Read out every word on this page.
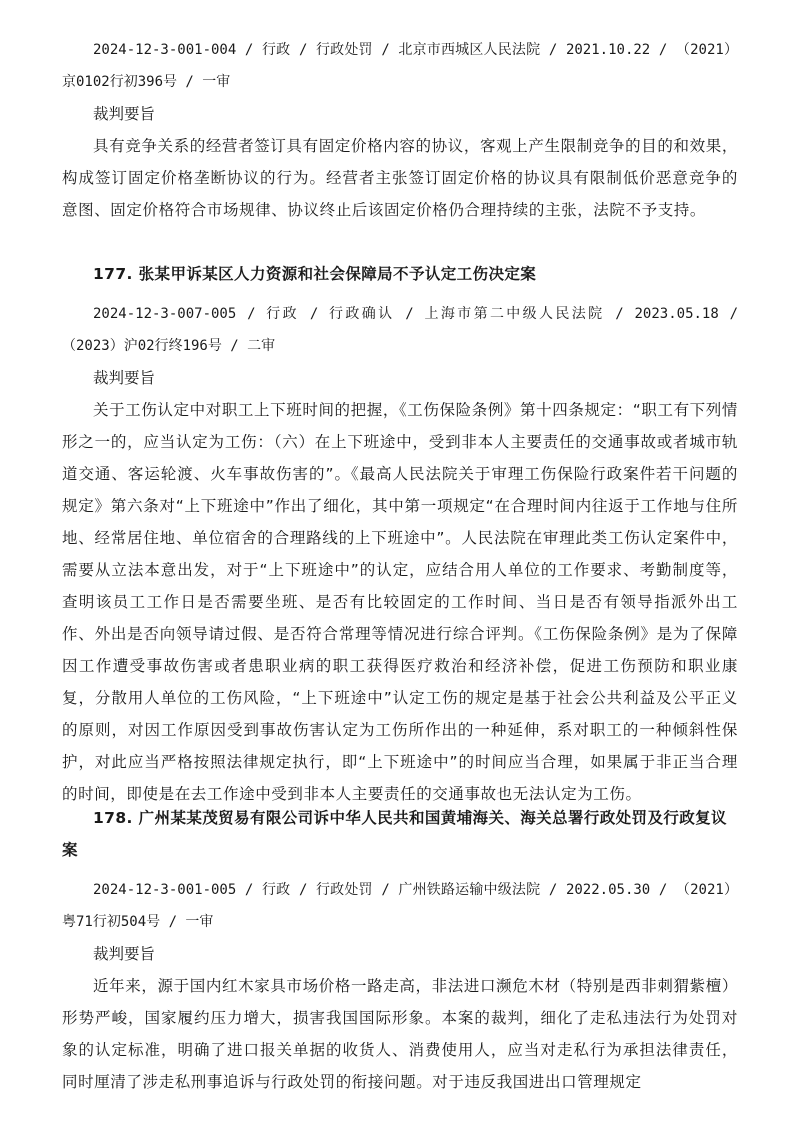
2024-12-3-001-004 / 行政 / 行政处罚 / 北京市西城区人民法院 / 2021.10.22 / （2021）京0102行初396号 / 一审

裁判要旨

具有竞争关系的经营者签订具有固定价格内容的协议，客观上产生限制竞争的目的和效果，构成签订固定价格垄断协议的行为。经营者主张签订固定价格的协议具有限制低价恶意竞争的意图、固定价格符合市场规律、协议终止后该固定价格仍合理持续的主张，法院不予支持。

177. 张某甲诉某区人力资源和社会保障局不予认定工伤决定案

2024-12-3-007-005 / 行政 / 行政确认 / 上海市第二中级人民法院 / 2023.05.18 / （2023）沪02行终196号 / 二审

裁判要旨

关于工伤认定中对职工上下班时间的把握，《工伤保险条例》第十四条规定：“职工有下列情形之一的，应当认定为工伤：（六）在上下班途中，受到非本人主要责任的交通事故或者城市轨道交通、客运轮渡、火车事故伤害的”。《最高人民法院关于审理工伤保险行政案件若干问题的规定》第六条对“上下班途中”作出了细化，其中第一项规定“在合理时间内往返于工作地与住所地、经常居住地、单位宿舍的合理路线的上下班途中”。人民法院在审理此类工伤认定案件中，需要从立法本意出发，对于“上下班途中”的认定，应结合用人单位的工作要求、考勤制度等，查明该员工工作日是否需要坐班、是否有比较固定的工作时间、当日是否有领导指派外出工作、外出是否向领导请过假、是否符合常理等情况进行综合评判。《工伤保险条例》是为了保障因工作遭受事故伤害或者患职业病的职工获得医疗救治和经济补偿，促进工伤预防和职业康复，分散用人单位的工伤风险，“上下班途中”认定工伤的规定是基于社会公共利益及公平正义的原则，对因工作原因受到事故伤害认定为工伤所作出的一种延伸，系对职工的一种倾斜性保护，对此应当严格按照法律规定执行，即“上下班途中”的时间应当合理，如果属于非正当合理的时间，即使是在去工作途中受到非本人主要责任的交通事故也无法认定为工伤。

178. 广州某某茂贸易有限公司诉中华人民共和国黄埔海关、海关总署行政处罚及行政复议案

2024-12-3-001-005 / 行政 / 行政处罚 / 广州铁路运输中级法院 / 2022.05.30 / （2021）粤71行初504号 / 一审

裁判要旨

近年来，源于国内红木家具市场价格一路走高，非法进口濒危木材（特别是西非刺猬紫檀）形势严峻，国家履约压力增大，损害我国国际形象。本案的裁判，细化了走私违法行为处罚对象的认定标准，明确了进口报关单据的收货人、消费使用人，应当对走私行为承担法律责任，同时厘清了涉走私刑事追诉与行政处罚的衔接问题。对于违反我国进出口管理规定
